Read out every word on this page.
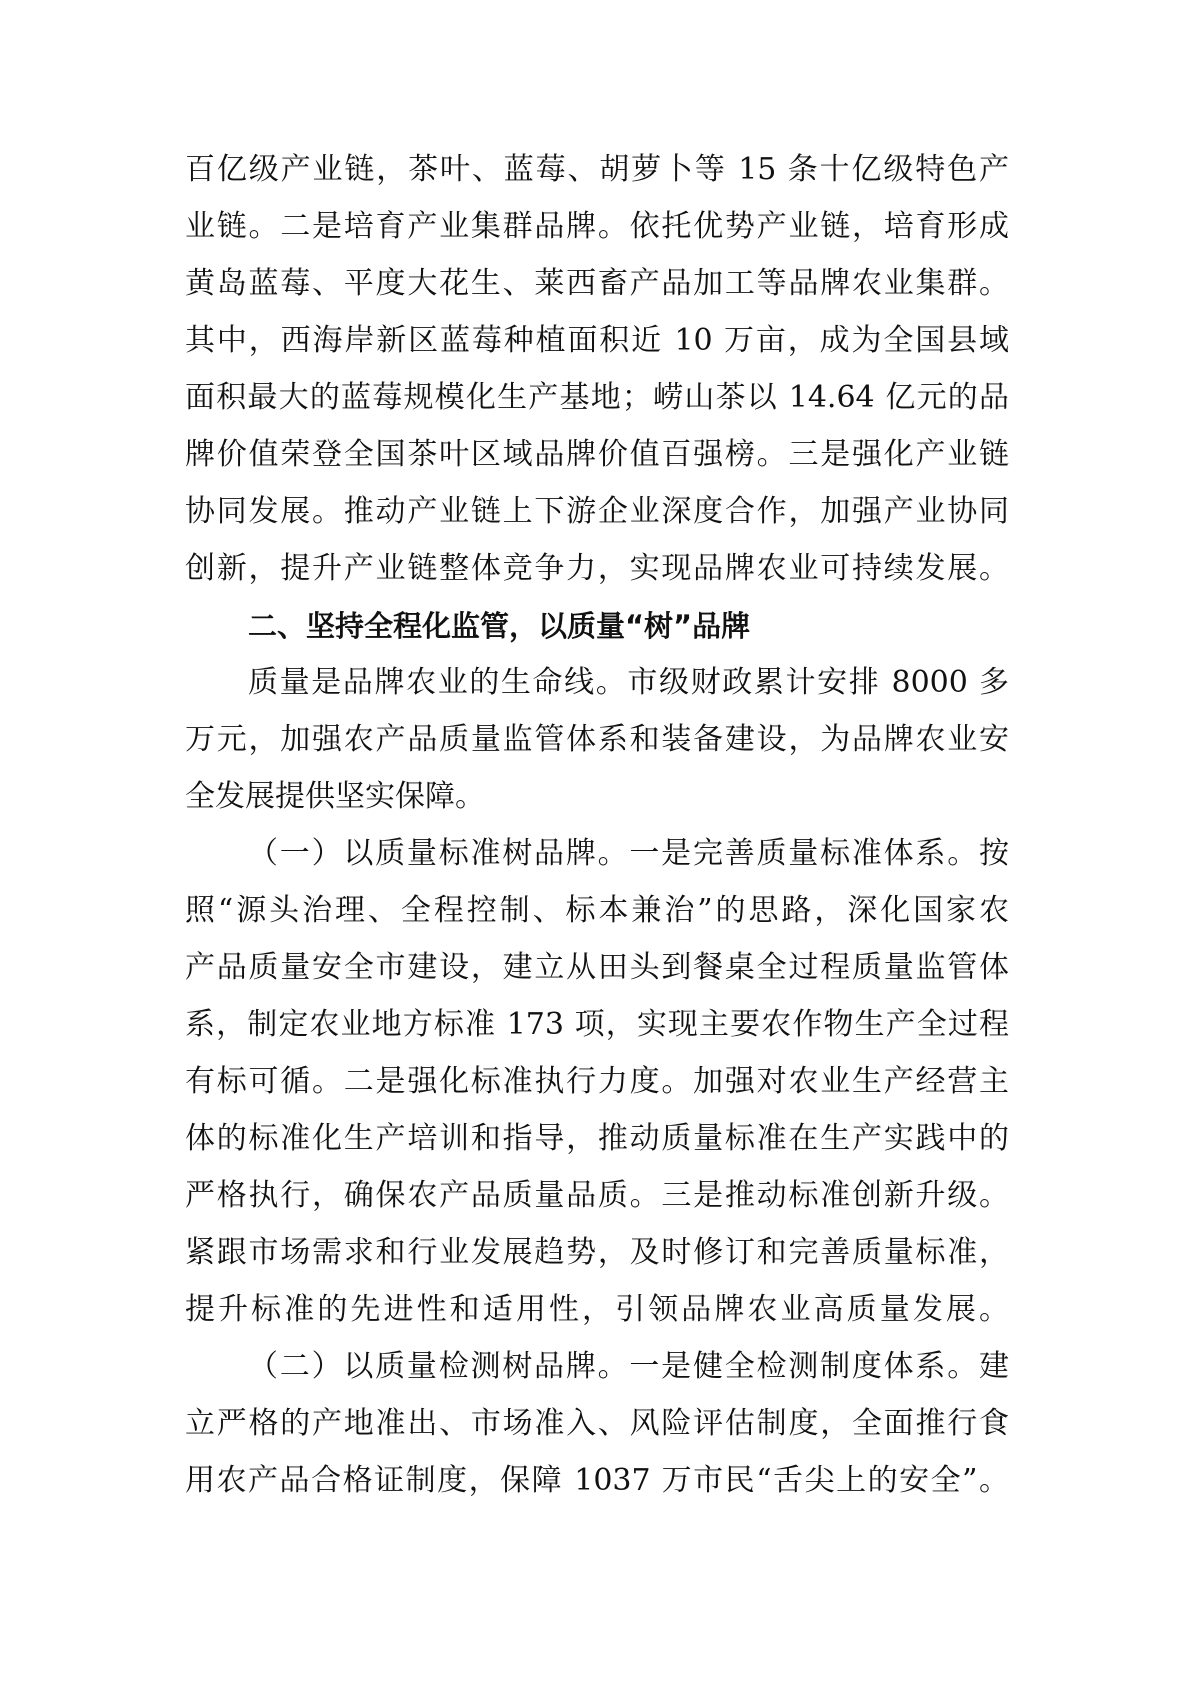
百亿级产业链，茶叶、蓝莓、胡萝卜等 15 条十亿级特色产
业链。二是培育产业集群品牌。依托优势产业链，培育形成
黄岛蓝莓、平度大花生、莱西畜产品加工等品牌农业集群。
其中，西海岸新区蓝莓种植面积近 10 万亩，成为全国县域
面积最大的蓝莓规模化生产基地；崂山茶以 14.64 亿元的品
牌价值荣登全国茶叶区域品牌价值百强榜。三是强化产业链
协同发展。推动产业链上下游企业深度合作，加强产业协同
创新，提升产业链整体竞争力，实现品牌农业可持续发展。
二、坚持全程化监管，以质量“树”品牌
质量是品牌农业的生命线。市级财政累计安排 8000 多
万元，加强农产品质量监管体系和装备建设，为品牌农业安
全发展提供坚实保障。
（一）以质量标准树品牌。一是完善质量标准体系。按
照“源头治理、全程控制、标本兼治”的思路，深化国家农
产品质量安全市建设，建立从田头到餐桌全过程质量监管体
系，制定农业地方标准 173 项，实现主要农作物生产全过程
有标可循。二是强化标准执行力度。加强对农业生产经营主
体的标准化生产培训和指导，推动质量标准在生产实践中的
严格执行，确保农产品质量品质。三是推动标准创新升级。
紧跟市场需求和行业发展趋势，及时修订和完善质量标准，
提升标准的先进性和适用性，引领品牌农业高质量发展。
（二）以质量检测树品牌。一是健全检测制度体系。建
立严格的产地准出、市场准入、风险评估制度，全面推行食
用农产品合格证制度，保障 1037 万市民“舌尖上的安全”。
